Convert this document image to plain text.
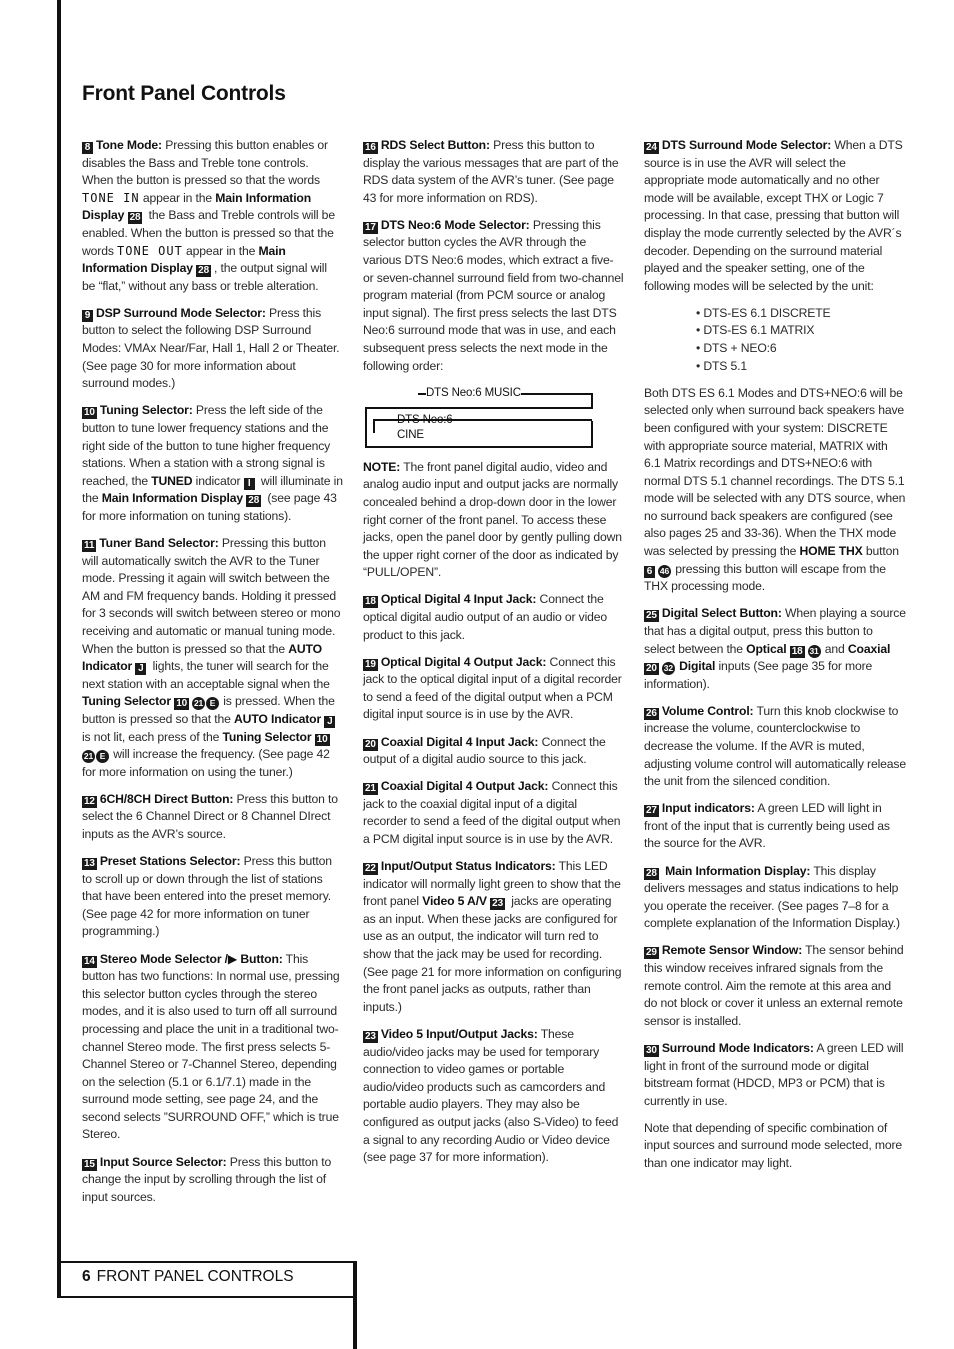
Front Panel Controls

8 Tone Mode: Pressing this button enables or disables the Bass and Treble tone controls. When the button is pressed so that the words TONE IN appear in the Main Information Display 28 the Bass and Treble controls will be enabled. When the button is pressed so that the words TONE OUT appear in the Main Information Display 28 , the output signal will be “flat,” without any bass or treble alteration.

9 DSP Surround Mode Selector: Press this button to select the following DSP Surround Modes: VMAx Near/Far, Hall 1, Hall 2 or Theater. (See page 30 for more information about surround modes.)

10 Tuning Selector: Press the left side of the button to tune lower frequency stations and the right side of the button to tune higher frequency stations. When a station with a strong signal is reached, the TUNED indicator I will illuminate in the Main Information Display 28 (see page 43 for more information on tuning stations).

11 Tuner Band Selector: Pressing this button will automatically switch the AVR to the Tuner mode. Pressing it again will switch between the AM and FM frequency bands. Holding it pressed for 3 seconds will switch between stereo or mono receiving and automatic or manual tuning mode. When the button is pressed so that the AUTO Indicator J lights, the tuner will search for the next station with an acceptable signal when the Tuning Selector 10 21 E is pressed. When the button is pressed so that the AUTO Indicator J is not lit, each press of the Tuning Selector 1021 E will increase the frequency. (See page 42 for more information on using the tuner.)

12 6CH/8CH Direct Button: Press this button to select the 6 Channel Direct or 8 Channel DIrect inputs as the AVR’s source.

13 Preset Stations Selector: Press this button to scroll up or down through the list of stations that have been entered into the preset memory. (See page 42 for more information on tuner programming.)

14 Stereo Mode Selector /▶ Button: This button has two functions: In normal use, pressing this selector button cycles through the stereo modes, and it is also used to turn off all surround processing and place the unit in a traditional two-channel Stereo mode. The first press selects 5-Channel Stereo or 7-Channel Stereo, depending on the selection (5.1 or 6.1/7.1) made in the surround mode setting, see page 24, and the second selects ”SURROUND OFF,” which is true Stereo.

15 Input Source Selector: Press this button to change the input by scrolling through the list of input sources.

16 RDS Select Button: Press this button to display the various messages that are part of the RDS data system of the AVR’s tuner. (See page 43 for more information on RDS).

17 DTS Neo:6 Mode Selector: Pressing this selector button cycles the AVR through the various DTS Neo:6 modes, which extract a five- or seven-channel surround field from two-channel program material (from PCM source or analog input signal). The first press selects the last DTS Neo:6 surround mode that was in use, and each subsequent press selects the next mode in the following order:

DTS Neo:6 MUSIC
DTS Neo:6
CINE

NOTE: The front panel digital audio, video and analog audio input and output jacks are normally concealed behind a drop-down door in the lower right corner of the front panel. To access these jacks, open the panel door by gently pulling down the upper right corner of the door as indicated by “PULL/OPEN”.

18 Optical Digital 4 Input Jack: Connect the optical digital audio output of an audio or video product to this jack.

19 Optical Digital 4 Output Jack: Connect this jack to the optical digital input of a digital recorder to send a feed of the digital output when a PCM digital input source is in use by the AVR.

20 Coaxial Digital 4 Input Jack: Connect the output of a digital audio source to this jack.

21 Coaxial Digital 4 Output Jack: Connect this jack to the coaxial digital input of a digital recorder to send a feed of the digital output when a PCM digital input source is in use by the AVR.

22 Input/Output Status Indicators: This LED indicator will normally light green to show that the front panel Video 5 A/V 23 jacks are operating as an input. When these jacks are configured for use as an output, the indicator will turn red to show that the jack may be used for recording. (See page 21 for more information on configuring the front panel jacks as outputs, rather than inputs.)

23 Video 5 Input/Output Jacks: These audio/video jacks may be used for temporary connection to video games or portable audio/video products such as camcorders and portable audio players. They may also be configured as output jacks (also S-Video) to feed a signal to any recording Audio or Video device (see page 37 for more information).

24 DTS Surround Mode Selector: When a DTS source is in use the AVR will select the appropriate mode automatically and no other mode will be available, except THX or Logic 7 processing. In that case, pressing that button will display the mode currently selected by the AVR´s decoder. Depending on the surround material played and the speaker setting, one of the following modes will be selected by the unit:

• DTS-ES 6.1 DISCRETE
• DTS-ES 6.1 MATRIX
• DTS + NEO:6
• DTS 5.1

Both DTS ES 6.1 Modes and DTS+NEO:6 will be selected only when surround back speakers have been configured with your system: DISCRETE with appropriate source material, MATRIX with 6.1 Matrix recordings and DTS+NEO:6 with normal DTS 5.1 channel recordings. The DTS 5.1 mode will be selected with any DTS source, when no surround back speakers are configured (see also pages 25 and 33-36). When the THX mode was selected by pressing the HOME THX button 6 46 pressing this button will escape from the THX processing mode.

25 Digital Select Button: When playing a source that has a digital output, press this button to select between the Optical 18 31 and Coaxial 20 32 Digital inputs (See page 35 for more information).

26 Volume Control: Turn this knob clockwise to increase the volume, counterclockwise to decrease the volume. If the AVR is muted, adjusting volume control will automatically release the unit from the silenced condition.

27 Input indicators: A green LED will light in front of the input that is currently being used as the source for the AVR.

28 Main Information Display: This display delivers messages and status indications to help you operate the receiver. (See pages 7–8 for a complete explanation of the Information Display.)

29 Remote Sensor Window: The sensor behind this window receives infrared signals from the remote control. Aim the remote at this area and do not block or cover it unless an external remote sensor is installed.

30 Surround Mode Indicators: A green LED will light in front of the surround mode or digital bitstream format (HDCD, MP3 or PCM) that is currently in use.

Note that depending of specific combination of input sources and surround mode selected, more than one indicator may light.

6 FRONT PANEL CONTROLS
